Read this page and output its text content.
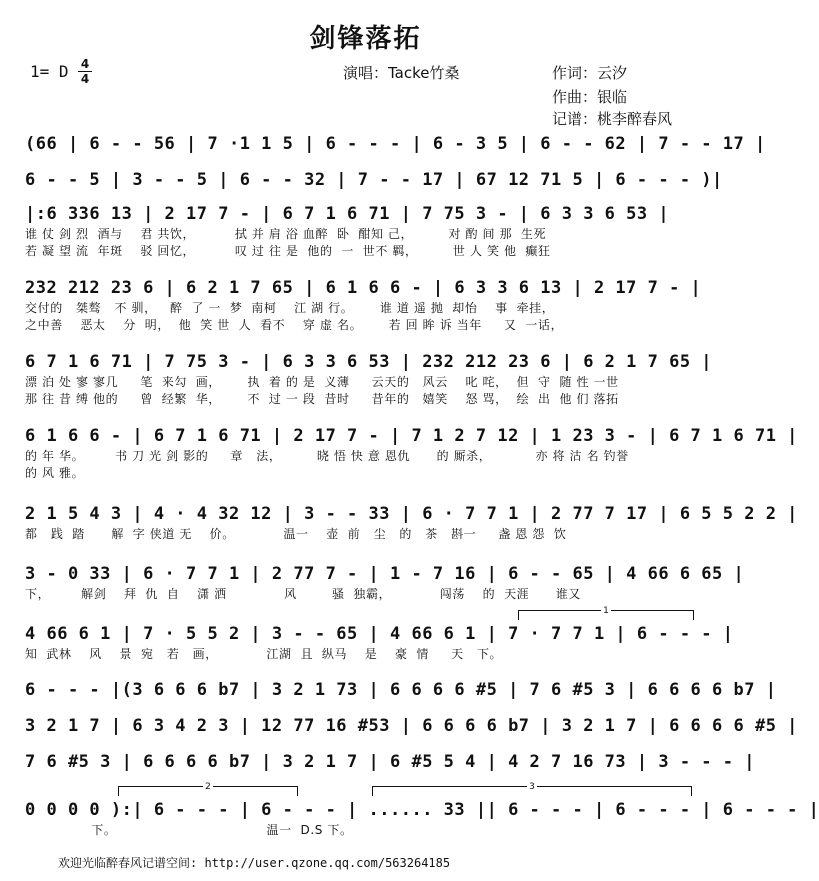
剑锋落拓
1= D 4
4	演唱：Tacke竹桑	作词：云汐
作曲：银临
记谱：桃李醉春风
(66 | 6 - - 56 | 7 ·1 1 5 | 6 - - - | 6 - 3 5 | 6 - - 62 | 7 - - 17 |
6 - - 5 | 3 - - 5 | 6 - - 32 | 7 - - 17 | 67 12 71 5 | 6 - - - )|
|:6 336 13 | 2 17 7 - | 6 7 1 6 71 | 7 75 3 - | 6 3 3 6 53 |
谁 仗 剑 烈  酒与    君 共饮，         拭 并 肩 浴 血醉  卧  酣知 己，        对 酌 间 那  生死
若 凝 望 流  年斑    驳 回忆，         叹 过 往 是  他的  一  世不 羁，        世 人 笑 他  癫狂
232 212 23 6 | 6 2 1 7 65 | 6 1 6 6 - | 6 3 3 6 13 | 2 17 7 - |
交付的   桀骜   不 驯，   醉  了 一  梦  南柯    江 湖 行。      谁 道 遥 抛  却怡    事  牵挂，
之中善    恶太    分  明，  他  笑 世  人  看不    穿 虚 名。      若 回 眸 诉 当年     又  一话，
6 7 1 6 71 | 7 75 3 - | 6 3 3 6 53 | 232 212 23 6 | 6 2 1 7 65 |
漂 泊 处 寥 寥几     笔  来勾  画，      执  着 的 是  义薄     云天的   风云    叱 咤，  但  守  随 性 一世
那 往 昔 缚 他的     曾  经繁  华，      不  过 一 段  昔时     昔年的   嬉笑    怒 骂，  绘  出  他 们 落拓
6 1 6 6 - | 6 7 1 6 71 | 2 17 7 - | 7 1 2 7 12 | 1 23 3 - | 6 7 1 6 71 |
的 年 华。       书 刀 光 剑 影的     章   法，        晓 悟 快 意 恩仇      的 厮杀，          亦 将 沽 名 钓誉
的 风 雅。
2 1 5 4 3 | 4 · 4 32 12 | 3 - - 33 | 6 · 7 7 1 | 2 77 7 17 | 6 5 5 2 2 |
都   践  踏      解  字 侠道 无    价。           温一    壶  前   尘   的   茶   斟一     盏 恩 怨  饮
3 - 0 33 | 6 · 7 7 1 | 2 77 7 - | 1 - 7 16 | 6 - - 65 | 4 66 6 65 |
下，       解剑    拜  仇  自    潇 洒             风        骚  独霸，           闯荡    的  天涯      谁又
1
4 66 6 1 | 7 · 5 5 2 | 3 - - 65 | 4 66 6 1 | 7 · 7 7 1 | 6 - - - |
知  武林    风    景  宛   若   画，           江湖  且  纵马    是    豪  情     天   下。
6 - - - |(3 6 6 6 b7 | 3 2 1 73 | 6 6 6 6 #5 | 7 6 #5 3 | 6 6 6 6 b7 |
3 2 1 7 | 6 3 4 2 3 | 12 77 16 #53 | 6 6 6 6 b7 | 3 2 1 7 | 6 6 6 6 #5 |
7 6 #5 3 | 6 6 6 6 b7 | 3 2 1 7 | 6 #5 5 4 | 4 2 7 16 73 | 3 - - - |
2	3
0 0 0 0 ):| 6 - - - | 6 - - - | ...... 33 || 6 - - - | 6 - - - | 6 - - - |
下。                                  温一  D.S 下。
欢迎光临醉春风记谱空间: http://user.qzone.qq.com/563264185
